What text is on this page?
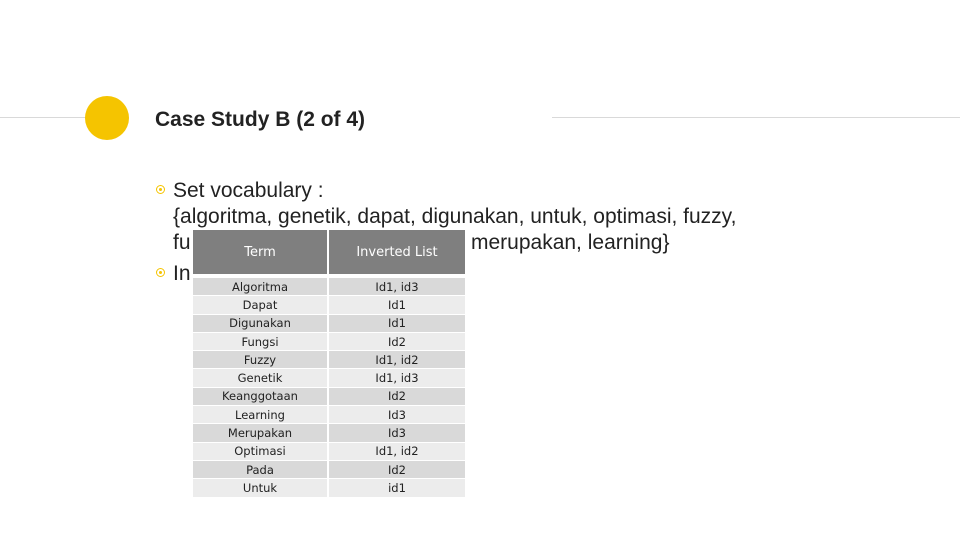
Case Study B (2 of 4)
Set vocabulary :
{algoritma, genetik, dapat, digunakan, untuk, optimasi, fuzzy,
fu	merupakan, learning}
In
Term	Inverted List
Algoritma	Id1, id3
Dapat	Id1
Digunakan	Id1
Fungsi	Id2
Fuzzy	Id1, id2
Genetik	Id1, id3
Keanggotaan	Id2
Learning	Id3
Merupakan	Id3
Optimasi	Id1, id2
Pada	Id2
Untuk	id1
